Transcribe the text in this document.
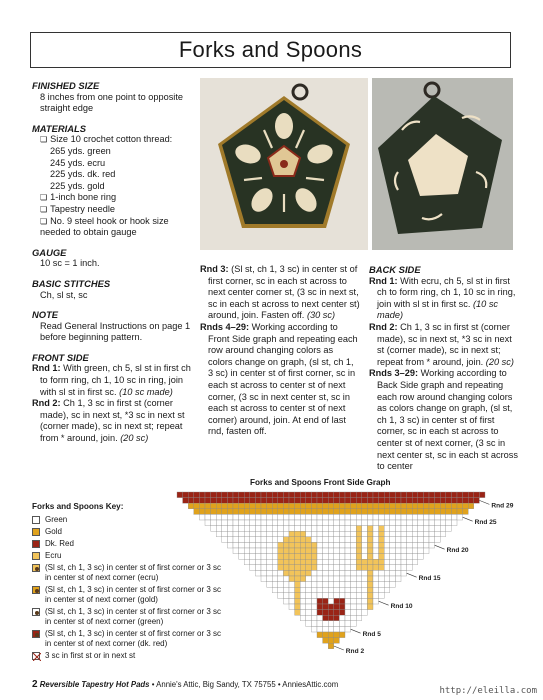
Forks and Spoons
FINISHED SIZE
8 inches from one point to opposite straight edge
MATERIALS
❏ Size 10 crochet cotton thread:
265 yds. green
245 yds. ecru
225 yds. dk. red
225 yds. gold
❏ 1-inch bone ring
❏ Tapestry needle
❏ No. 9 steel hook or hook size needed to obtain gauge
GAUGE
10 sc = 1 inch.
BASIC STITCHES
Ch, sl st, sc
NOTE
Read General Instructions on page 1 before beginning pattern.
FRONT SIDE
Rnd 1: With green, ch 5, sl st in first ch to form ring, ch 1, 10 sc in ring, join with sl st in first sc. (10 sc made)
Rnd 2: Ch 1, 3 sc in first st (corner made), sc in next st, *3 sc in next st (corner made), sc in next st; repeat from * around, join. (20 sc)
Rnd 3: (Sl st, ch 1, 3 sc) in center st of first corner, sc in each st across to next center corner st, (3 sc in next st, sc in each st across to next center st) around, join. Fasten off. (30 sc)
Rnds 4–29: Working according to Front Side graph and repeating each row around changing colors as colors change on graph, (sl st, ch 1, 3 sc) in center st of first corner, sc in each st across to center st of next corner, (3 sc in next center st, sc in each st across to center st of next corner) around, join. At end of last rnd, fasten off.
BACK SIDE
Rnd 1: With ecru, ch 5, sl st in first ch to form ring, ch 1, 10 sc in ring, join with sl st in first sc. (10 sc made)
Rnd 2: Ch 1, 3 sc in first st (corner made), sc in next st, *3 sc in next st (corner made), sc in next st; repeat from * around, join. (20 sc)
Rnds 3–29: Working according to Back Side graph and repeating each row around changing colors as colors change on graph, (sl st, ch 1, 3 sc) in center st of first corner, sc in each st across to center st of next corner, (3 sc in next center st, sc in each st across to center
Forks and Spoons Key:
Green
Gold
Dk. Red
Ecru
(Sl st, ch 1, 3 sc) in center st of first corner or 3 sc in center st of next corner (ecru)
(Sl st, ch 1, 3 sc) in center st of first corner or 3 sc in center st of next corner (gold)
(Sl st, ch 1, 3 sc) in center st of first corner or 3 sc in center st of next corner (green)
(Sl st, ch 1, 3 sc) in center st of first corner or 3 sc in center st of next corner (dk. red)
3 sc in first st or in next st
Forks and Spoons Front Side Graph
Rnd 29
Rnd 25
Rnd 20
Rnd 15
Rnd 10
Rnd 5
Rnd 2
2 Reversible Tapestry Hot Pads • Annie's Attic, Big Sandy, TX 75755 • AnniesAttic.com
http://eleilla.com
